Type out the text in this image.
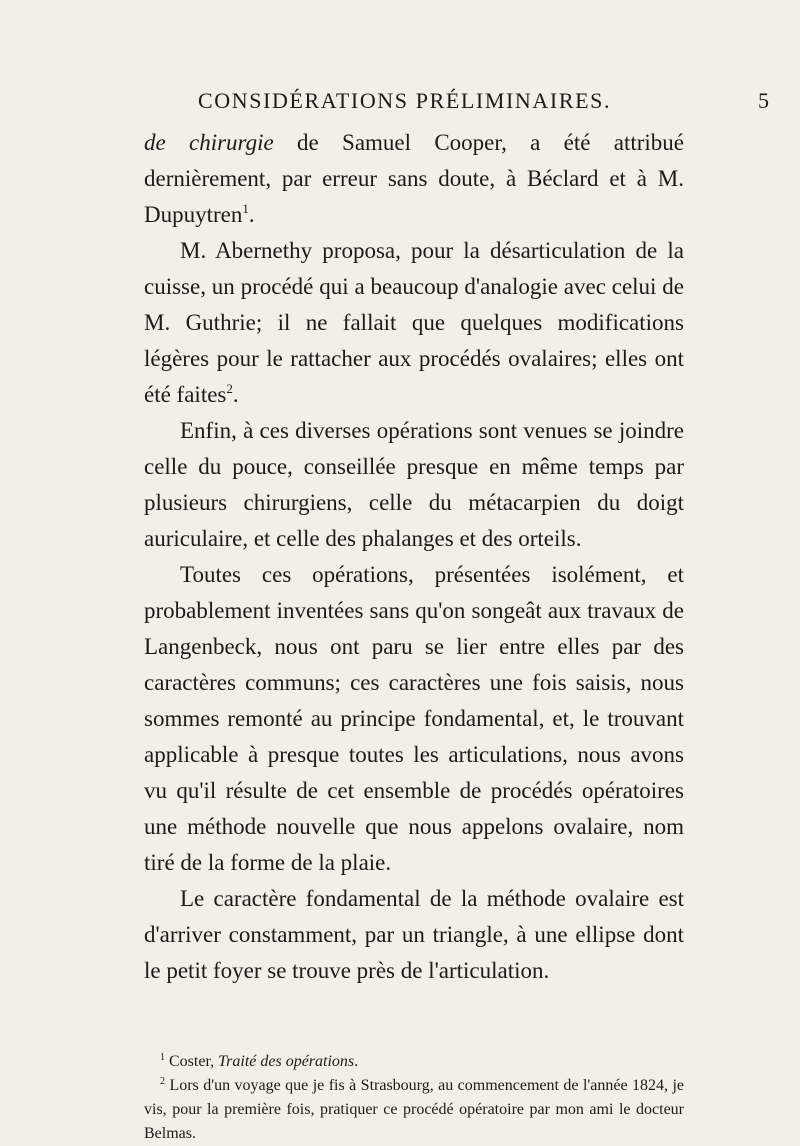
CONSIDÉRATIONS PRÉLIMINAIRES.	5

de chirurgie de Samuel Cooper, a été attribué dernièrement, par erreur sans doute, à Béclard et à M. Dupuytren$^1$.

M. Abernethy proposa, pour la désarticulation de la cuisse, un procédé qui a beaucoup d'analogie avec celui de M. Guthrie; il ne fallait que quelques modifications légères pour le rattacher aux procédés ovalaires; elles ont été faites$^2$.

Enfin, à ces diverses opérations sont venues se joindre celle du pouce, conseillée presque en même temps par plusieurs chirurgiens, celle du métacarpien du doigt auriculaire, et celle des phalanges et des orteils.

Toutes ces opérations, présentées isolément, et probablement inventées sans qu'on songeât aux travaux de Langenbeck, nous ont paru se lier entre elles par des caractères communs; ces caractères une fois saisis, nous sommes remonté au principe fondamental, et, le trouvant applicable à presque toutes les articulations, nous avons vu qu'il résulte de cet ensemble de procédés opératoires une méthode nouvelle que nous appelons ovalaire, nom tiré de la forme de la plaie.

Le caractère fondamental de la méthode ovalaire est d'arriver constamment, par un triangle, à une ellipse dont le petit foyer se trouve près de l'articulation.

$^1$ Coster, Traité des opérations.

$^2$ Lors d'un voyage que je fis à Strasbourg, au commencement de l'année 1824, je vis, pour la première fois, pratiquer ce procédé opératoire par mon ami le docteur Belmas.
